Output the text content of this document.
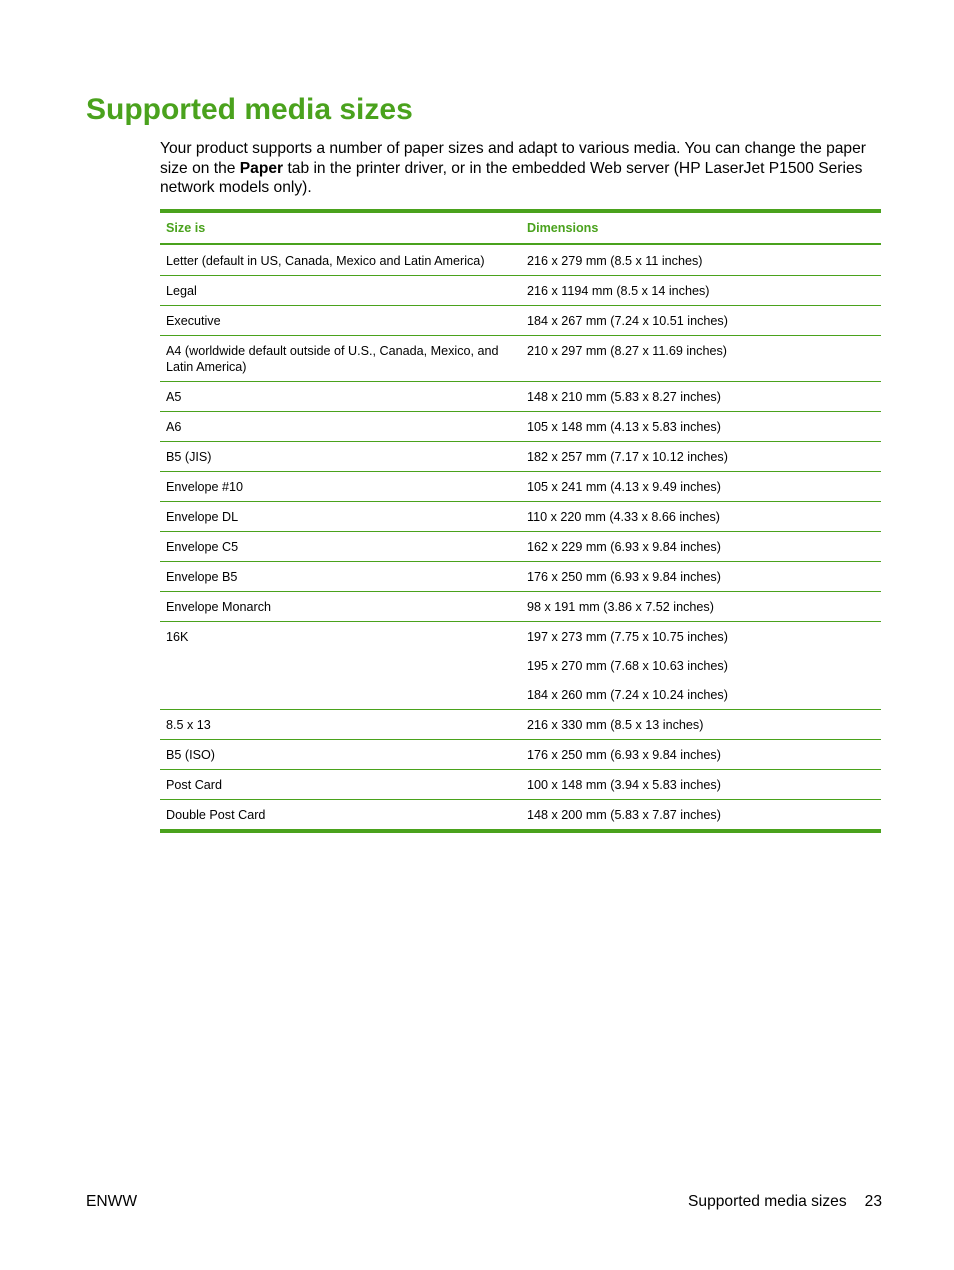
Supported media sizes

Your product supports a number of paper sizes and adapt to various media. You can change the paper size on the Paper tab in the printer driver, or in the embedded Web server (HP LaserJet P1500 Series network models only).

Size is	Dimensions
Letter (default in US, Canada, Mexico and Latin America)	216 x 279 mm (8.5 x 11 inches)
Legal	216 x 1194 mm (8.5 x 14 inches)
Executive	184 x 267 mm (7.24 x 10.51 inches)
A4 (worldwide default outside of U.S., Canada, Mexico, and Latin America)	210 x 297 mm (8.27 x 11.69 inches)
A5	148 x 210 mm (5.83 x 8.27 inches)
A6	105 x 148 mm (4.13 x 5.83 inches)
B5 (JIS)	182 x 257 mm (7.17 x 10.12 inches)
Envelope #10	105 x 241 mm (4.13 x 9.49 inches)
Envelope DL	110 x 220 mm (4.33 x 8.66 inches)
Envelope C5	162 x 229 mm (6.93 x 9.84 inches)
Envelope B5	176 x 250 mm (6.93 x 9.84 inches)
Envelope Monarch	98 x 191 mm (3.86 x 7.52 inches)
16K	197 x 273 mm (7.75 x 10.75 inches)
	195 x 270 mm (7.68 x 10.63 inches)
	184 x 260 mm (7.24 x 10.24 inches)
8.5 x 13	216 x 330 mm (8.5 x 13 inches)
B5 (ISO)	176 x 250 mm (6.93 x 9.84 inches)
Post Card	100 x 148 mm (3.94 x 5.83 inches)
Double Post Card	148 x 200 mm (5.83 x 7.87 inches)
ENWW	Supported media sizes 23
